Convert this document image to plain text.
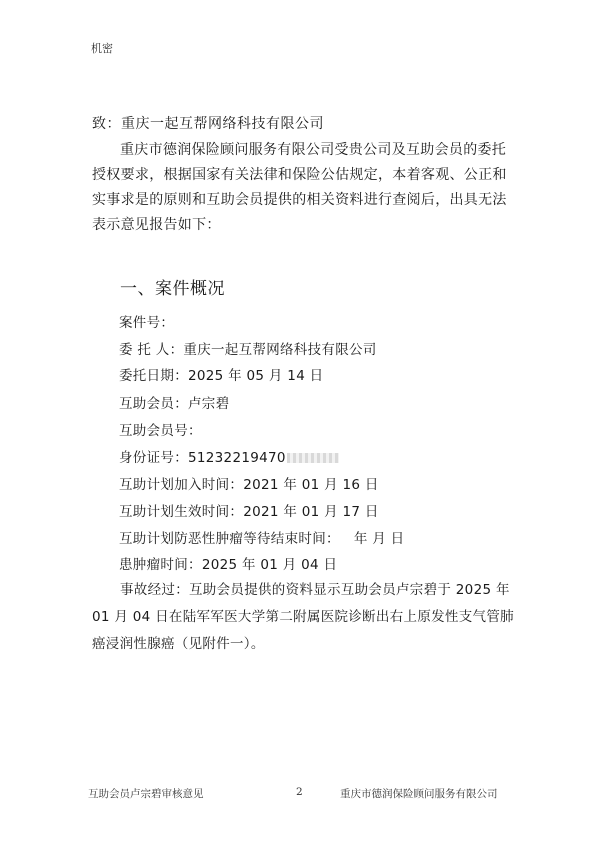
机密
致：重庆一起互帮网络科技有限公司

重庆市德润保险顾问服务有限公司受贵公司及互助会员的委托授权要求，根据国家有关法律和保险公估规定，本着客观、公正和实事求是的原则和互助会员提供的相关资料进行查阅后，出具无法表示意见报告如下：

一、案件概况
案件号：
委 托 人：重庆一起互帮网络科技有限公司
委托日期：2025 年 05 月 14 日
互助会员：卢宗碧
互助会员号：
身份证号：51232219470
互助计划加入时间：2021 年 01 月 16 日
互助计划生效时间：2021 年 01 月 17 日
互助计划防恶性肿瘤等待结束时间： 年 月 日
患肿瘤时间：2025 年 01 月 04 日

事故经过：互助会员提供的资料显示互助会员卢宗碧于 2025 年 01 月 04 日在陆军军医大学第二附属医院诊断出右上原发性支气管肺癌浸润性腺癌（见附件一）。

互助会员卢宗碧审核意见	2	重庆市德润保险顾问服务有限公司
